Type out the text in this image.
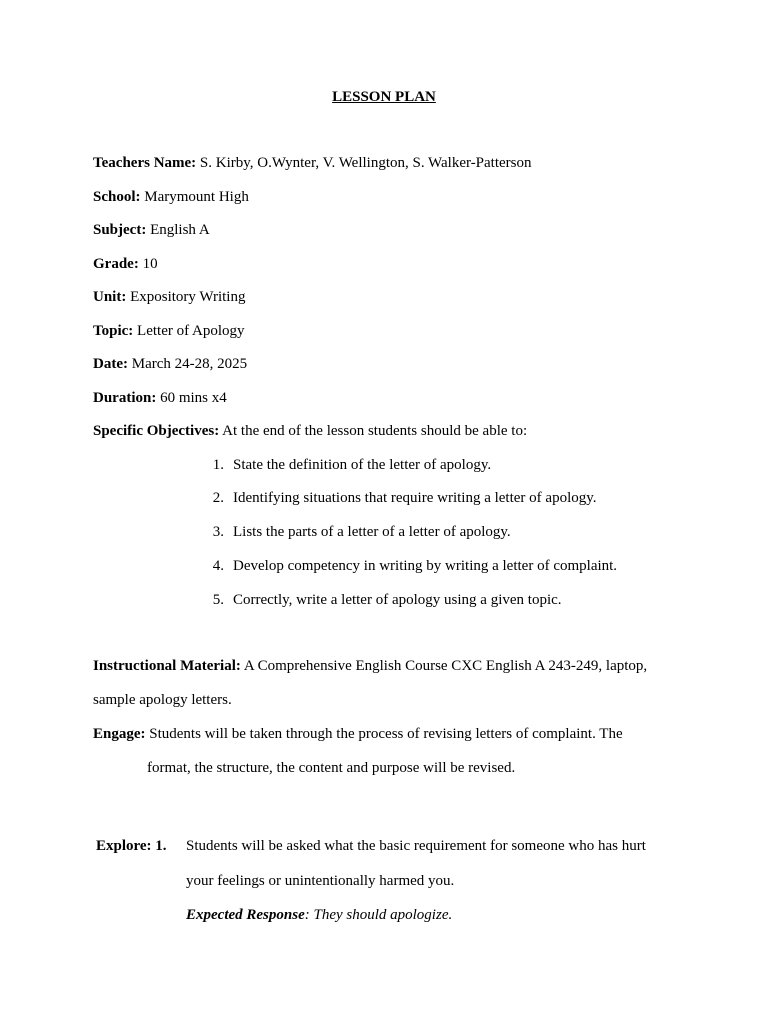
LESSON PLAN
Teachers Name: S. Kirby, O.Wynter, V. Wellington, S. Walker-Patterson
School: Marymount High
Subject: English A
Grade: 10
Unit: Expository Writing
Topic: Letter of Apology
Date: March 24-28, 2025
Duration: 60 mins x4
Specific Objectives: At the end of the lesson students should be able to:
1. State the definition of the letter of apology.
2. Identifying situations that require writing a letter of apology.
3. Lists the parts of a letter of a letter of apology.
4. Develop competency in writing by writing a letter of complaint.
5. Correctly, write a letter of apology using a given topic.
Instructional Material: A Comprehensive English Course CXC English A 243-249, laptop,
sample apology letters.
Engage: Students will be taken through the process of revising letters of complaint. The
format, the structure, the content and purpose will be revised.
Explore: 1. Students will be asked what the basic requirement for someone who has hurt
your feelings or unintentionally harmed you.
Expected Response: They should apologize.
